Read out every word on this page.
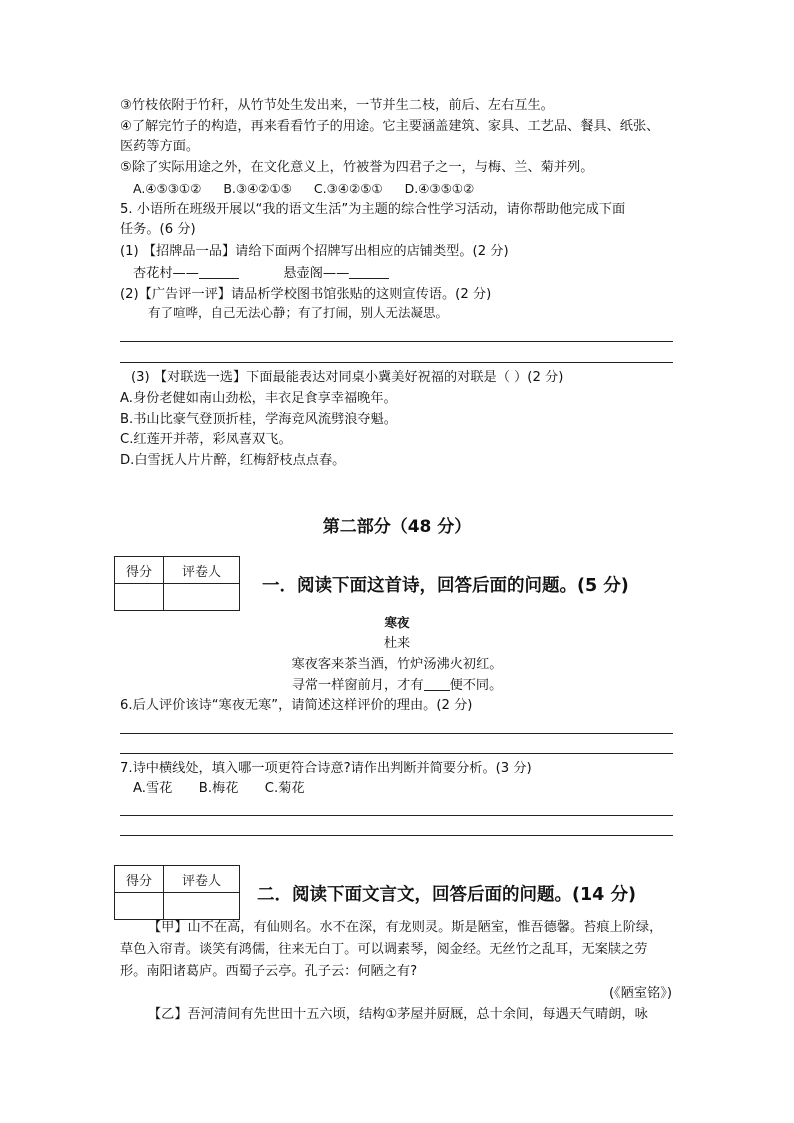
③竹枝依附于竹秆，从竹节处生发出来，一节并生二枝，前后、左右互生。
④了解完竹子的构造，再来看看竹子的用途。它主要涵盖建筑、家具、工艺品、餐具、纸张、
医药等方面。
⑤除了实际用途之外，在文化意义上，竹被誉为四君子之一，与梅、兰、菊并列。
A.④⑤③①② B.③④②①⑤ C.③④②⑤① D.④③⑤①②
5. 小语所在班级开展以“我的语文生活”为主题的综合性学习活动，请你帮助他完成下面
任务。(6 分)
(1) 【招牌品一品】请给下面两个招牌写出相应的店铺类型。(2 分)
杏花村——	悬壶阁——
(2)【广告评一评】请品析学校图书馆张贴的这则宣传语。(2 分)
有了喧哗，自己无法心静；有了打闹，别人无法凝思。
(3) 【对联选一选】下面最能表达对同桌小冀美好祝福的对联是（ ）(2 分)
A.身份老健如南山劲松，丰衣足食享幸福晚年。
B.书山比豪气登顶折桂，学海竞风流劈浪夺魁。
C.红莲开并蒂，彩凤喜双飞。
D.白雪抚人片片醉，红梅舒枝点点春。
第二部分（48 分）
得分	评卷人

一．阅读下面这首诗，回答后面的问题。(5 分)
寒夜
杜来
寒夜客来茶当酒，竹炉汤沸火初红。
寻常一样窗前月，才有 便不同。
6.后人评价该诗“寒夜无寒”，请简述这样评价的理由。(2 分)
7.诗中横线处，填入哪一项更符合诗意?请作出判断并简要分析。(3 分)
A.雪花 B.梅花 C.菊花
得分	评卷人

二．阅读下面文言文，回答后面的问题。(14 分)
【甲】山不在高，有仙则名。水不在深，有龙则灵。斯是陋室，惟吾德馨。苔痕上阶绿，
草色入帘青。谈笑有鸿儒，往来无白丁。可以调素琴，阅金经。无丝竹之乱耳，无案牍之劳
形。南阳诸葛庐。西蜀子云亭。孔子云：何陋之有?
(《陋室铭》)
【乙】吾河清间有先世田十五六顷，结构①茅屋并厨厩，总十余间，每遇天气晴朗，咏
